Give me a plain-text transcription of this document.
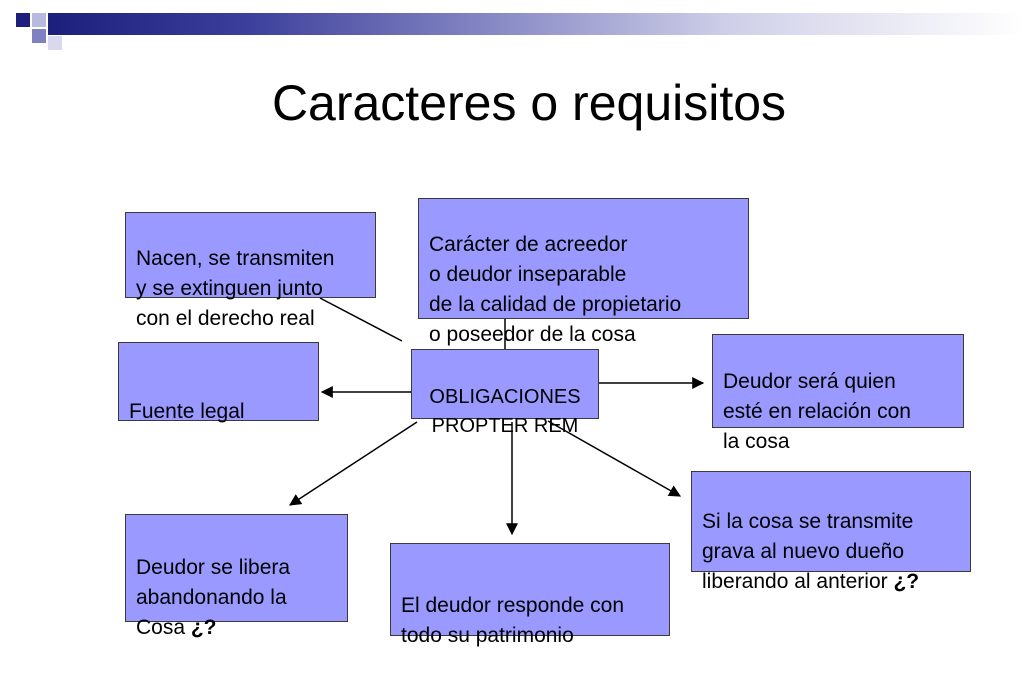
Caracteres o requisitos

Nacen, se transmiten
y se extinguen junto
con el derecho real

Carácter de acreedor
o deudor inseparable
de la calidad de propietario
o poseedor de la cosa

Fuente legal

OBLIGACIONES
PROPTER REM

Deudor será quien
esté en relación con
la cosa

Si la cosa se transmite
grava al nuevo dueño
liberando al anterior ¿?

Deudor se libera
abandonando la
Cosa ¿?

El deudor responde con
todo su patrimonio
